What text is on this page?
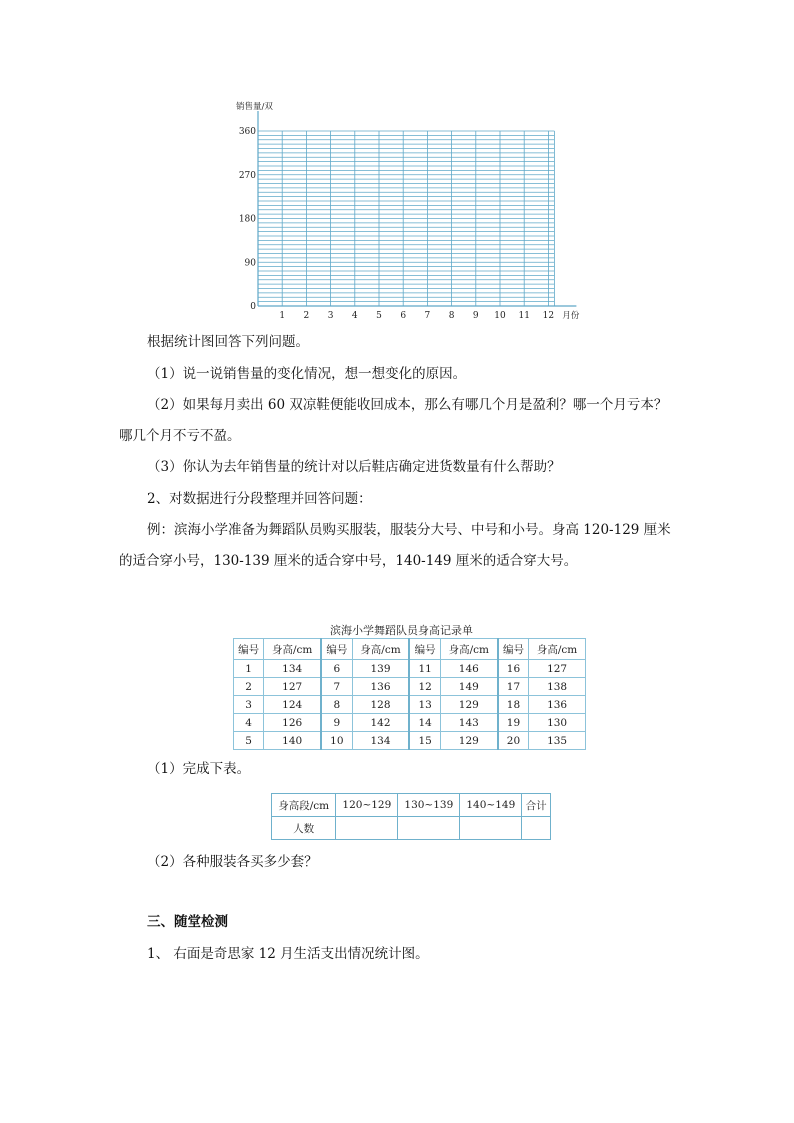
0
90
180
270
360
1 2 3 4 5 6 7 8 9 10 11 12
销售量/双
月份
根据统计图回答下列问题。
（1）说一说销售量的变化情况，想一想变化的原因。
（2）如果每月卖出 60 双凉鞋便能收回成本，那么有哪几个月是盈利？哪一个月亏本？
哪几个月不亏不盈。
（3）你认为去年销售量的统计对以后鞋店确定进货数量有什么帮助？
2、对数据进行分段整理并回答问题：
例：滨海小学准备为舞蹈队员购买服装，服装分大号、中号和小号。身高 120-129 厘米
的适合穿小号，130-139 厘米的适合穿中号，140-149 厘米的适合穿大号。
滨海小学舞蹈队员身高记录单
编号	身高/cm	编号	身高/cm	编号	身高/cm	编号	身高/cm
1	134	6	139	11	146	16	127
2	127	7	136	12	149	17	138
3	124	8	128	13	129	18	136
4	126	9	142	14	143	19	130
5	140	10	134	15	129	20	135
（1）完成下表。
身高段/cm	120~129	130~139	140~149	合计
人数				
（2）各种服装各买多少套？
三、随堂检测
1、 右面是奇思家 12 月生活支出情况统计图。
